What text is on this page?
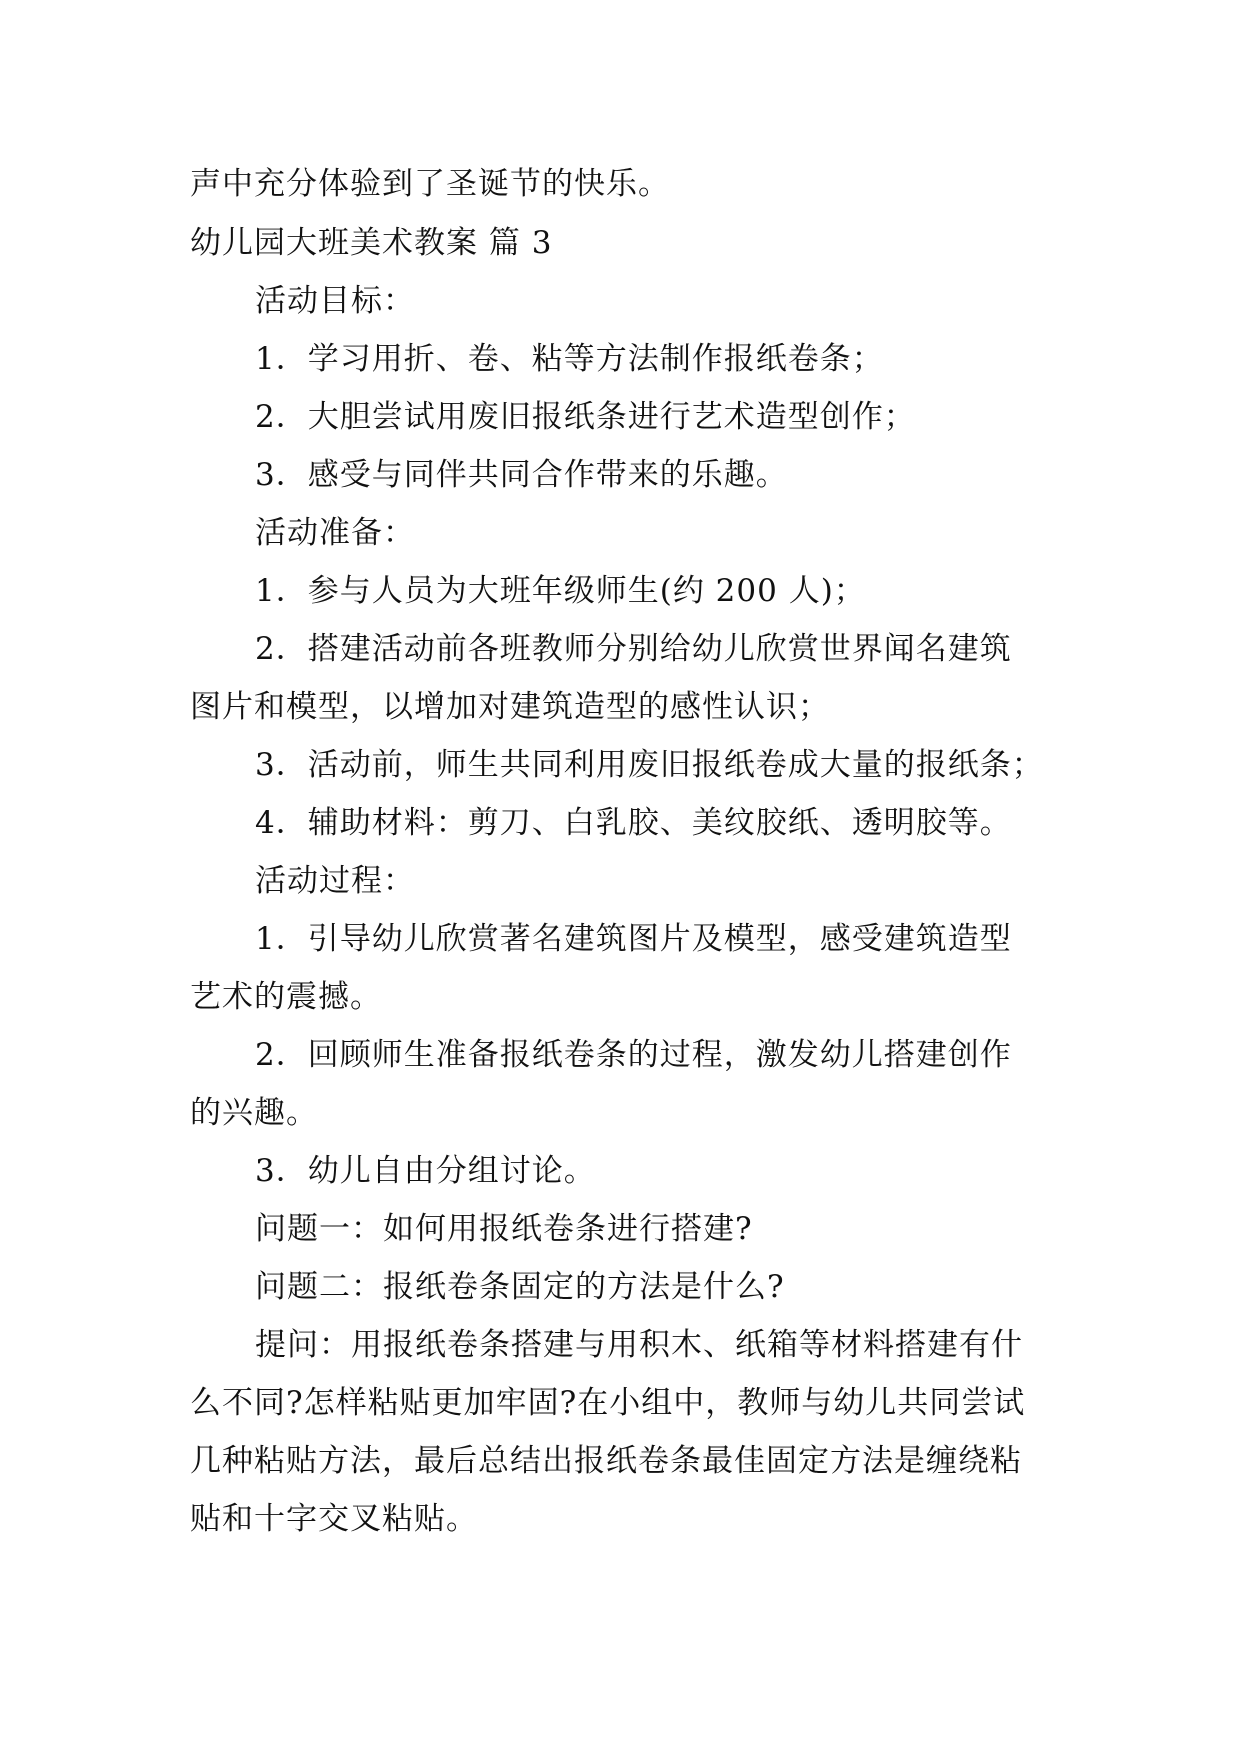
声中充分体验到了圣诞节的快乐。
幼儿园大班美术教案 篇 3
活动目标：
1．学习用折、卷、粘等方法制作报纸卷条；
2．大胆尝试用废旧报纸条进行艺术造型创作；
3．感受与同伴共同合作带来的乐趣。
活动准备：
1．参与人员为大班年级师生(约 200 人)；
2．搭建活动前各班教师分别给幼儿欣赏世界闻名建筑
图片和模型，以增加对建筑造型的感性认识；
3．活动前，师生共同利用废旧报纸卷成大量的报纸条；
4．辅助材料：剪刀、白乳胶、美纹胶纸、透明胶等。
活动过程：
1．引导幼儿欣赏著名建筑图片及模型，感受建筑造型
艺术的震撼。
2．回顾师生准备报纸卷条的过程，激发幼儿搭建创作
的兴趣。
3．幼儿自由分组讨论。
问题一：如何用报纸卷条进行搭建?
问题二：报纸卷条固定的方法是什么?
提问：用报纸卷条搭建与用积木、纸箱等材料搭建有什
么不同?怎样粘贴更加牢固?在小组中，教师与幼儿共同尝试
几种粘贴方法，最后总结出报纸卷条最佳固定方法是缠绕粘
贴和十字交叉粘贴。
